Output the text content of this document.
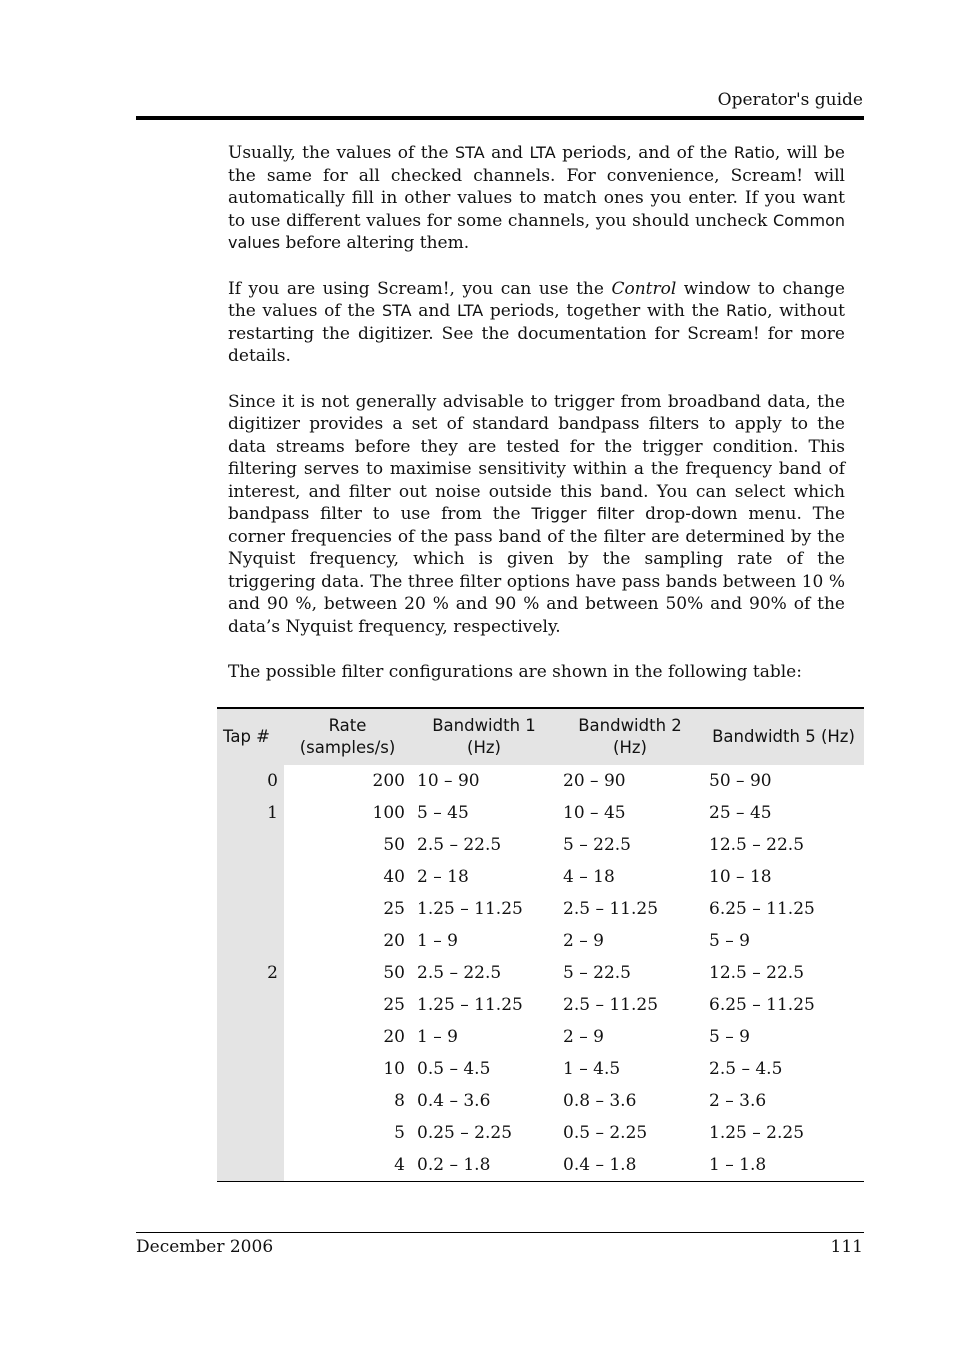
Operator's guide

Usually, the values of the STA and LTA periods, and of the Ratio, will be the same for all checked channels. For convenience, Scream! will automatically fill in other values to match ones you enter. If you want to use different values for some channels, you should uncheck Common values before altering them.

If you are using Scream!, you can use the Control window to change the values of the STA and LTA periods, together with the Ratio, without restarting the digitizer. See the documentation for Scream! for more details.

Since it is not generally advisable to trigger from broadband data, the digitizer provides a set of standard bandpass filters to apply to the data streams before they are tested for the trigger condition. This filtering serves to maximise sensitivity within a the frequency band of interest, and filter out noise outside this band. You can select which bandpass filter to use from the Trigger filter drop-down menu. The corner frequencies of the pass band of the filter are determined by the Nyquist frequency, which is given by the sampling rate of the triggering data. The three filter options have pass bands between 10 % and 90 %, between 20 % and 90 % and between 50% and 90% of the data’s Nyquist frequency, respectively.

The possible filter configurations are shown in the following table:

Tap #	Rate (samples/s)	Bandwidth 1 (Hz)	Bandwidth 2 (Hz)	Bandwidth 5 (Hz)
0	200	10 – 90	20 – 90	50 – 90
1	100	5 – 45	10 – 45	25 – 45
	50	2.5 – 22.5	5 – 22.5	12.5 – 22.5
	40	2 – 18	4 – 18	10 – 18
	25	1.25 – 11.25	2.5 – 11.25	6.25 – 11.25
	20	1 – 9	2 – 9	5 – 9
2	50	2.5 – 22.5	5 – 22.5	12.5 – 22.5
	25	1.25 – 11.25	2.5 – 11.25	6.25 – 11.25
	20	1 – 9	2 – 9	5 – 9
	10	0.5 – 4.5	1 – 4.5	2.5 – 4.5
	8	0.4 – 3.6	0.8 – 3.6	2 – 3.6
	5	0.25 – 2.25	0.5 – 2.25	1.25 – 2.25
	4	0.2 – 1.8	0.4 – 1.8	1 – 1.8
December 2006	111
